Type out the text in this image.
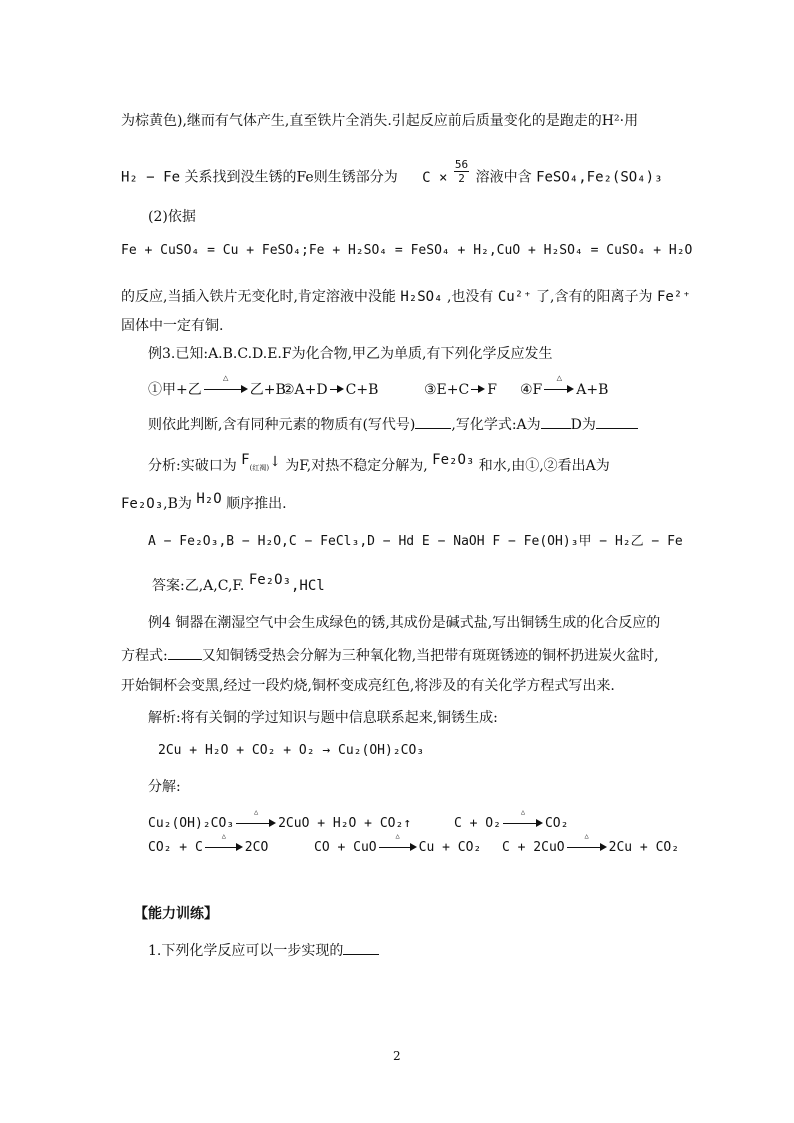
为棕黄色),继而有气体产生,直至铁片全消失.引起反应前后质量变化的是跑走的H²·用
H₂ − Fe 关系找到没生锈的Fe则生锈部分为 $C \times \frac{56}{2}$ 溶液中含 FeSO₄,Fe₂(SO₄)₃
(2)依据
Fe + CuSO₄ = Cu + FeSO₄;Fe + H₂SO₄ = FeSO₄ + H₂,CuO + H₂SO₄ = CuSO₄ + H₂O
的反应,当插入铁片无变化时,肯定溶液中没能 H₂SO₄ ,也没有 Cu²⁺ 了,含有的阳离子为 Fe²⁺
固体中一定有铜.
例3.已知:A.B.C.D.E.F为化合物,甲乙为单质,有下列化学反应发生
①甲+乙
△
乙+B
②A+D C+B	③E+C F ④F
△
A+B
则依此判断,含有同种元素的物质有(写代号)	,写化学式:A为 D为
分析:实破口为 F(红褐)↓ 为F,对热不稳定分解为, Fe₂O₃ 和水,由①,②看出A为
Fe₂O₃,B为 H₂O 顺序推出.
A − Fe₂O₃,B − H₂O,C − FeCl₃,D − Hd E − NaOH F − Fe(OH)₃甲 − H₂乙 − Fe
答案:乙,A,C,F. Fe₂O₃,HCl
例4 铜器在潮湿空气中会生成绿色的锈,其成份是碱式盐,写出铜锈生成的化合反应的
方程式: 又知铜锈受热会分解为三种氧化物,当把带有斑斑锈迹的铜杯扔进炭火盆时,
开始铜杯会变黑,经过一段灼烧,铜杯变成亮红色,将涉及的有关化学方程式写出来.
解析:将有关铜的学过知识与题中信息联系起来,铜锈生成:
2Cu + H₂O + CO₂ + O₂ → Cu₂(OH)₂CO₃
分解:
Cu₂(OH)₂CO₃
△
2CuO + H₂O + CO₂↑	C + O₂
△
CO₂
CO₂ + C
△
2CO	CO + CuO
△
Cu + CO₂ C + 2CuO
△
2Cu + CO₂
【能力训练】
1.下列化学反应可以一步实现的
2
